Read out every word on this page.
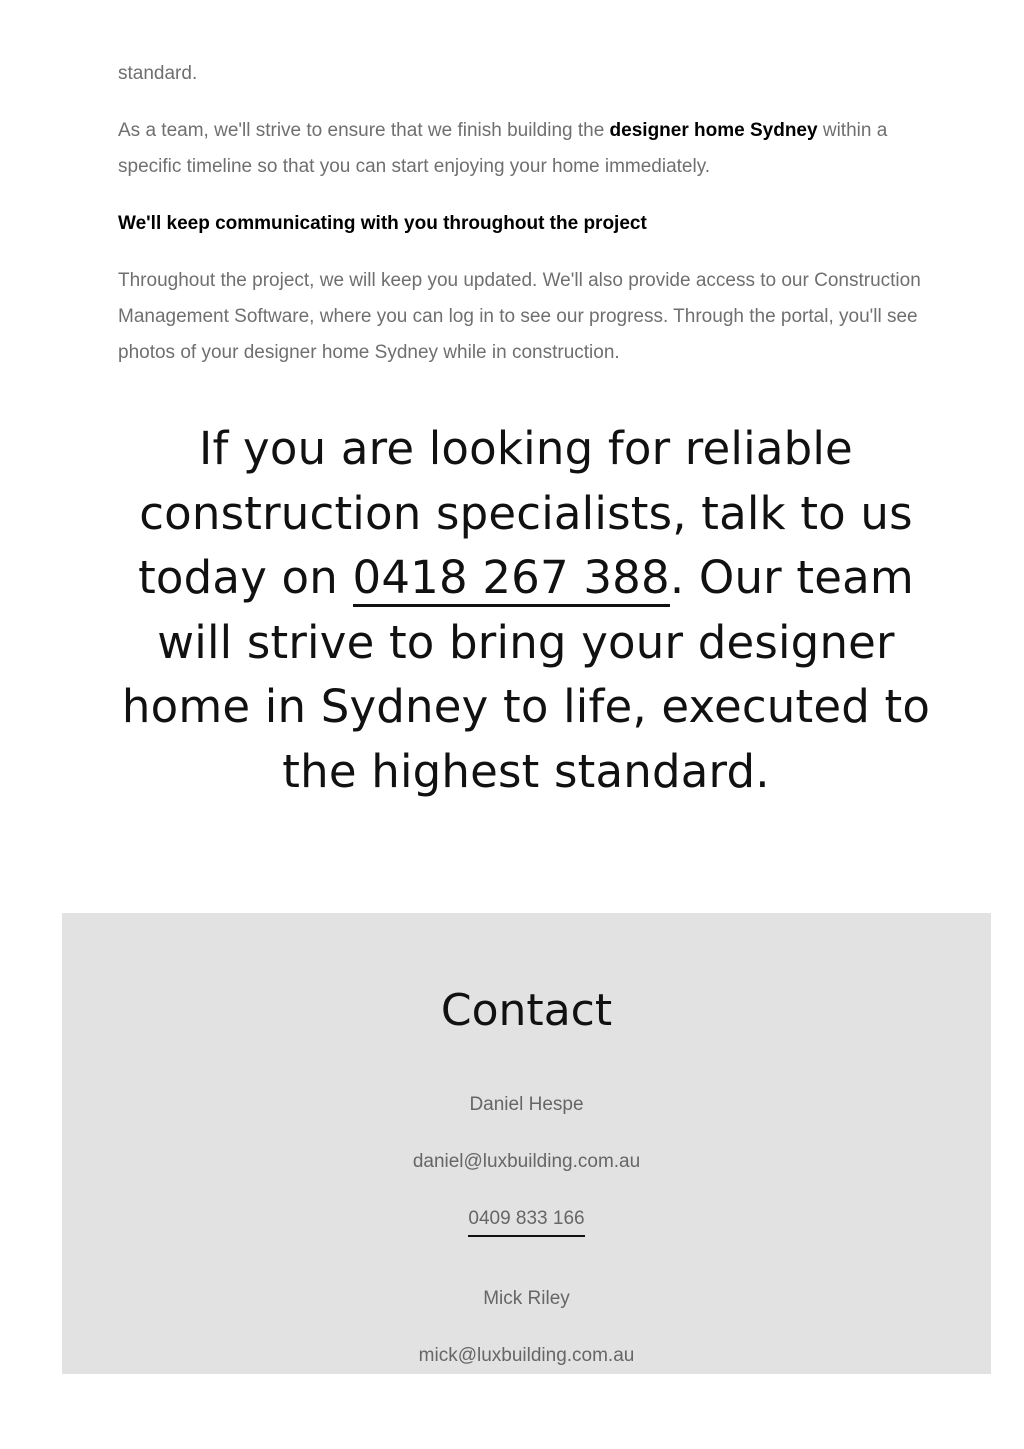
standard.

As a team, we'll strive to ensure that we finish building the designer home Sydney within a specific timeline so that you can start enjoying your home immediately.

We'll keep communicating with you throughout the project

Throughout the project, we will keep you updated. We'll also provide access to our Construction Management Software, where you can log in to see our progress. Through the portal, you'll see photos of your designer home Sydney while in construction.

If you are looking for reliable construction specialists, talk to us today on 0418 267 388. Our team will strive to bring your designer home in Sydney to life, executed to the highest standard.

Contact

Daniel Hespe

daniel@luxbuilding.com.au

0409 833 166

Mick Riley

mick@luxbuilding.com.au
